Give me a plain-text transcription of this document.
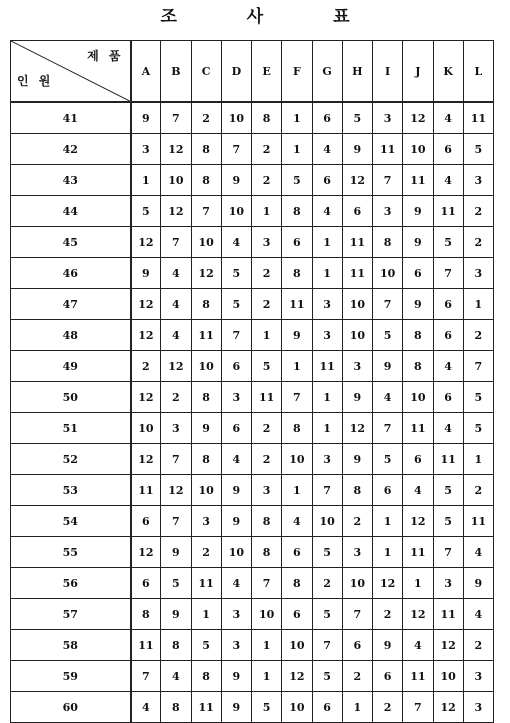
조 사 표
제 품
인 원	A	B	C	D	E	F	G	H	I	J	K	L
41	9	7	2	10	8	1	6	5	3	12	4	11
42	3	12	8	7	2	1	4	9	11	10	6	5
43	1	10	8	9	2	5	6	12	7	11	4	3
44	5	12	7	10	1	8	4	6	3	9	11	2
45	12	7	10	4	3	6	1	11	8	9	5	2
46	9	4	12	5	2	8	1	11	10	6	7	3
47	12	4	8	5	2	11	3	10	7	9	6	1
48	12	4	11	7	1	9	3	10	5	8	6	2
49	2	12	10	6	5	1	11	3	9	8	4	7
50	12	2	8	3	11	7	1	9	4	10	6	5
51	10	3	9	6	2	8	1	12	7	11	4	5
52	12	7	8	4	2	10	3	9	5	6	11	1
53	11	12	10	9	3	1	7	8	6	4	5	2
54	6	7	3	9	8	4	10	2	1	12	5	11
55	12	9	2	10	8	6	5	3	1	11	7	4
56	6	5	11	4	7	8	2	10	12	1	3	9
57	8	9	1	3	10	6	5	7	2	12	11	4
58	11	8	5	3	1	10	7	6	9	4	12	2
59	7	4	8	9	1	12	5	2	6	11	10	3
60	4	8	11	9	5	10	6	1	2	7	12	3
